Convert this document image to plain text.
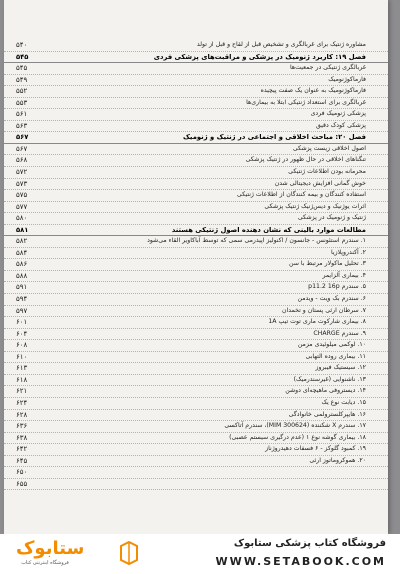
۵۴۰	مشاوره ژنتیک برای غربالگری و تشخیص قبل از لقاح و قبل از تولد
۵۴۵	فصل ۱۹: کاربرد ژنومیک در پزشکی و مراقبت‌های پزشکی فردی
۵۴۵	غربالگری ژنتیکی در جمعیت‌ها
۵۴۹	فارماکوژنومیک
۵۵۲	فارماکوژنومیک به عنوان یک صفت پیچیده
۵۵۳	غربالگری برای استعداد ژنتیکی ابتلا به بیماری‌ها
۵۶۱	پزشکی ژنومیک فردی
۵۶۳	پزشکی کودک دقیق
۵۶۷	فصل ۲۰: مباحث اخلاقی و اجتماعی در ژنتیک و ژنومیک
۵۶۷	اصول اخلاقی زیست پزشکی
۵۶۸	تنگناهای اخلاقی در حال ظهور در ژنتیک پزشکی
۵۷۲	محرمانه بودن اطلاعات ژنتیکی
۵۷۳	خوش‌ گمانی افزایش دیجیتالی شدن
۵۷۵	استفاده کنندگان و بیمه کنندگان از اطلاعات ژنتیکی
۵۷۷	اثرات یوژنیک و دیس‌ژنیک ژنتیک پزشکی
۵۸۰	ژنتیک و ژنومیک در پزشکی
۵۸۱	مطالعات موارد بالینی که نشان دهنده اصول ژنتیکی هستند
۵۸۲	۱. سندرم استئونس - جانسون / اکنولیز اپیدرمی سمی که توسط آباکاویر القاء می‌شود
۵۸۴	۲. آکندروپلازیا
۵۸۶	۳. تحلیل ماکولار مرتبط با سن
۵۸۸	۴. بیماری آلزایمر
۵۹۱	۵. سندرم p11.2 16p
۵۹۴	۶. سندرم بک ویت - ویدمن
۵۹۷	۷. سرطان ارثی پستان و تخمدان
۶۰۱	۸. بیماری شارکوت ماری توت تیپ 1A
۶۰۴	۹. سندرم CHARGE
۶۰۸	۱۰. لوکمی میلوئیدی مزمن
۶۱۰	۱۱. بیماری روده التهابی
۶۱۳	۱۲. سیستیک فیبروز
۶۱۸	۱۳. ناشنوایی (غیرسندرمیک)
۶۲۱	۱۴. دیستروفی ماهیچه‌ای دوشن
۶۲۴	۱۵. دیابت نوع یک
۶۲۸	۱۶. هایپرکلسترولمی خانوادگی
۶۳۶	۱۷. سندرم X شکننده (MIM 300624)، سندرم آتاکسی
۶۳۸	۱۸. بیماری گوشه نوع ۱ (عدم درگیری سیستم عصبی)
۶۴۲	۱۹. کمبود گلوکز - ۶ فسفات دهیدروژناز
۶۴۵	۲۰. هموکروماتوز ارثی
۶۵۰
۶۵۵
ستابوک
فروشگاه اینترنتی کتاب
فروشگاه کتاب پزشکی ستابوک
WWW.SETABOOK.COM
